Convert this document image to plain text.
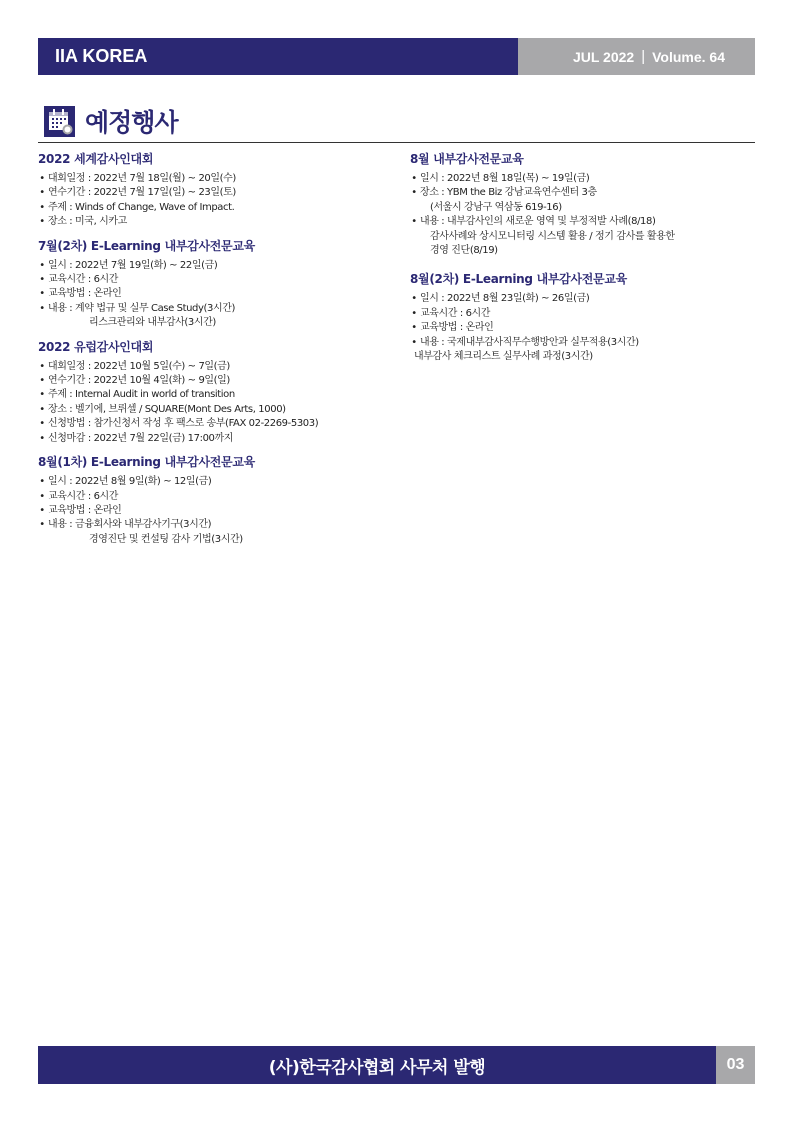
IIA KOREA	JUL 2022 | Volume. 64
예정행사
2022 세계감사인대회
• 대회일정 : 2022년 7월 18일(월) ~ 20일(수)
• 연수기간 : 2022년 7월 17일(일) ~ 23일(토)
• 주제 : Winds of Change, Wave of Impact.
• 장소 : 미국, 시카고
7월(2차) E-Learning 내부감사전문교육
• 일시 : 2022년 7월 19일(화) ~ 22일(금)
• 교육시간 : 6시간
• 교육방법 : 온라인
• 내용 : 계약 법규 및 실무 Case Study(3시간)
리스크관리와 내부감사(3시간)
2022 유럽감사인대회
• 대회일정 : 2022년 10월 5일(수) ~ 7일(금)
• 연수기간 : 2022년 10월 4일(화) ~ 9일(일)
• 주제 : Internal Audit in world of transition
• 장소 : 벨기에, 브뤼셀 / SQUARE(Mont Des Arts, 1000)
• 신청방법 : 참가신청서 작성 후 팩스로 송부(FAX 02-2269-5303)
• 신청마감 : 2022년 7월 22일(금) 17:00까지
8월(1차) E-Learning 내부감사전문교육
• 일시 : 2022년 8월 9일(화) ~ 12일(금)
• 교육시간 : 6시간
• 교육방법 : 온라인
• 내용 : 금융회사와 내부감사기구(3시간)
경영진단 및 컨설팅 감사 기법(3시간)
8월 내부감사전문교육
• 일시 : 2022년 8월 18일(목) ~ 19일(금)
• 장소 : YBM the Biz 강남교육연수센터 3층
(서울시 강남구 역삼동 619-16)
• 내용 : 내부감사인의 새로운 영역 및 부정적발 사례(8/18)
감사사례와 상시모니터링 시스템 활용 / 정기 감사를 활용한
경영 진단(8/19)
8월(2차) E-Learning 내부감사전문교육
• 일시 : 2022년 8월 23일(화) ~ 26일(금)
• 교육시간 : 6시간
• 교육방법 : 온라인
• 내용 : 국제내부감사직무수행방안과 실무적용(3시간)
내부감사 체크리스트 실무사례 과정(3시간)
(사)한국감사협회 사무처 발행	03
